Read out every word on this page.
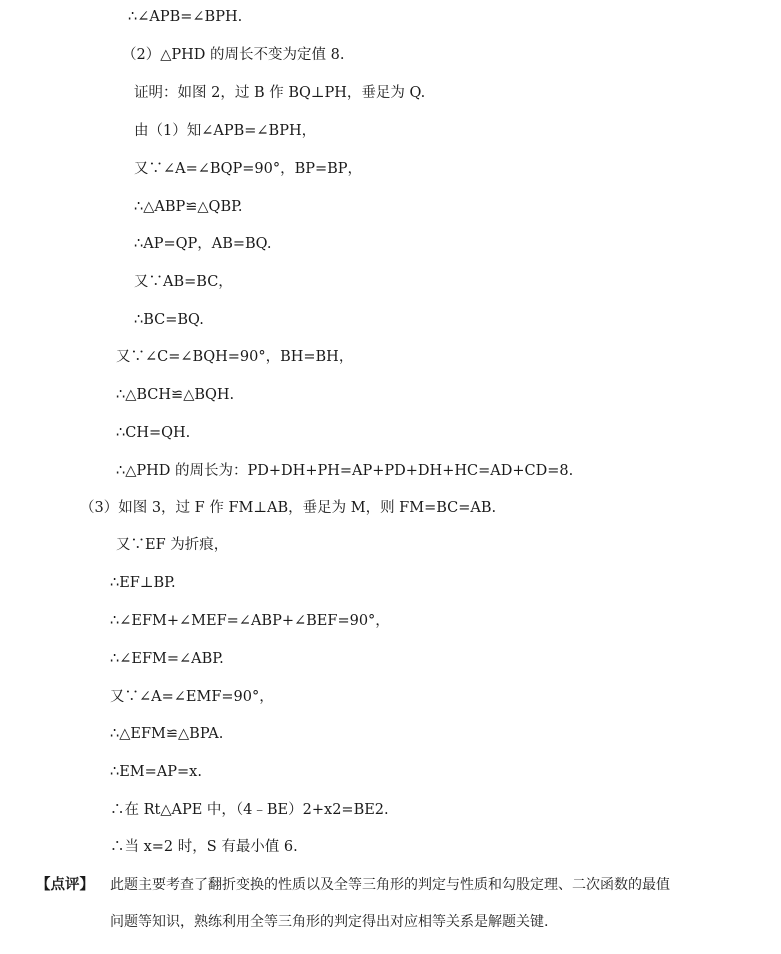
∴∠APB=∠BPH.
（2）△PHD 的周长不变为定值 8.
证明：如图 2，过 B 作 BQ⊥PH，垂足为 Q.
由（1）知∠APB=∠BPH，
又∵∠A=∠BQP=90°，BP=BP，
∴△ABP≌△QBP.
∴AP=QP，AB=BQ.
又∵AB=BC，
∴BC=BQ.
又∵∠C=∠BQH=90°，BH=BH，
∴△BCH≌△BQH.
∴CH=QH.
∴△PHD 的周长为：PD+DH+PH=AP+PD+DH+HC=AD+CD=8.
（3）如图 3，过 F 作 FM⊥AB，垂足为 M，则 FM=BC=AB.
又∵EF 为折痕，
∴EF⊥BP.
∴∠EFM+∠MEF=∠ABP+∠BEF=90°，
∴∠EFM=∠ABP.
又∵∠A=∠EMF=90°，
∴△EFM≌△BPA.
∴EM=AP=x.
∴在 Rt△APE 中，（4﹣BE）2+x2=BE2.
∴当 x=2 时，S 有最小值 6.
【点评】 此题主要考查了翻折变换的性质以及全等三角形的判定与性质和勾股定理、二次函数的最值
问题等知识，熟练利用全等三角形的判定得出对应相等关系是解题关键.
